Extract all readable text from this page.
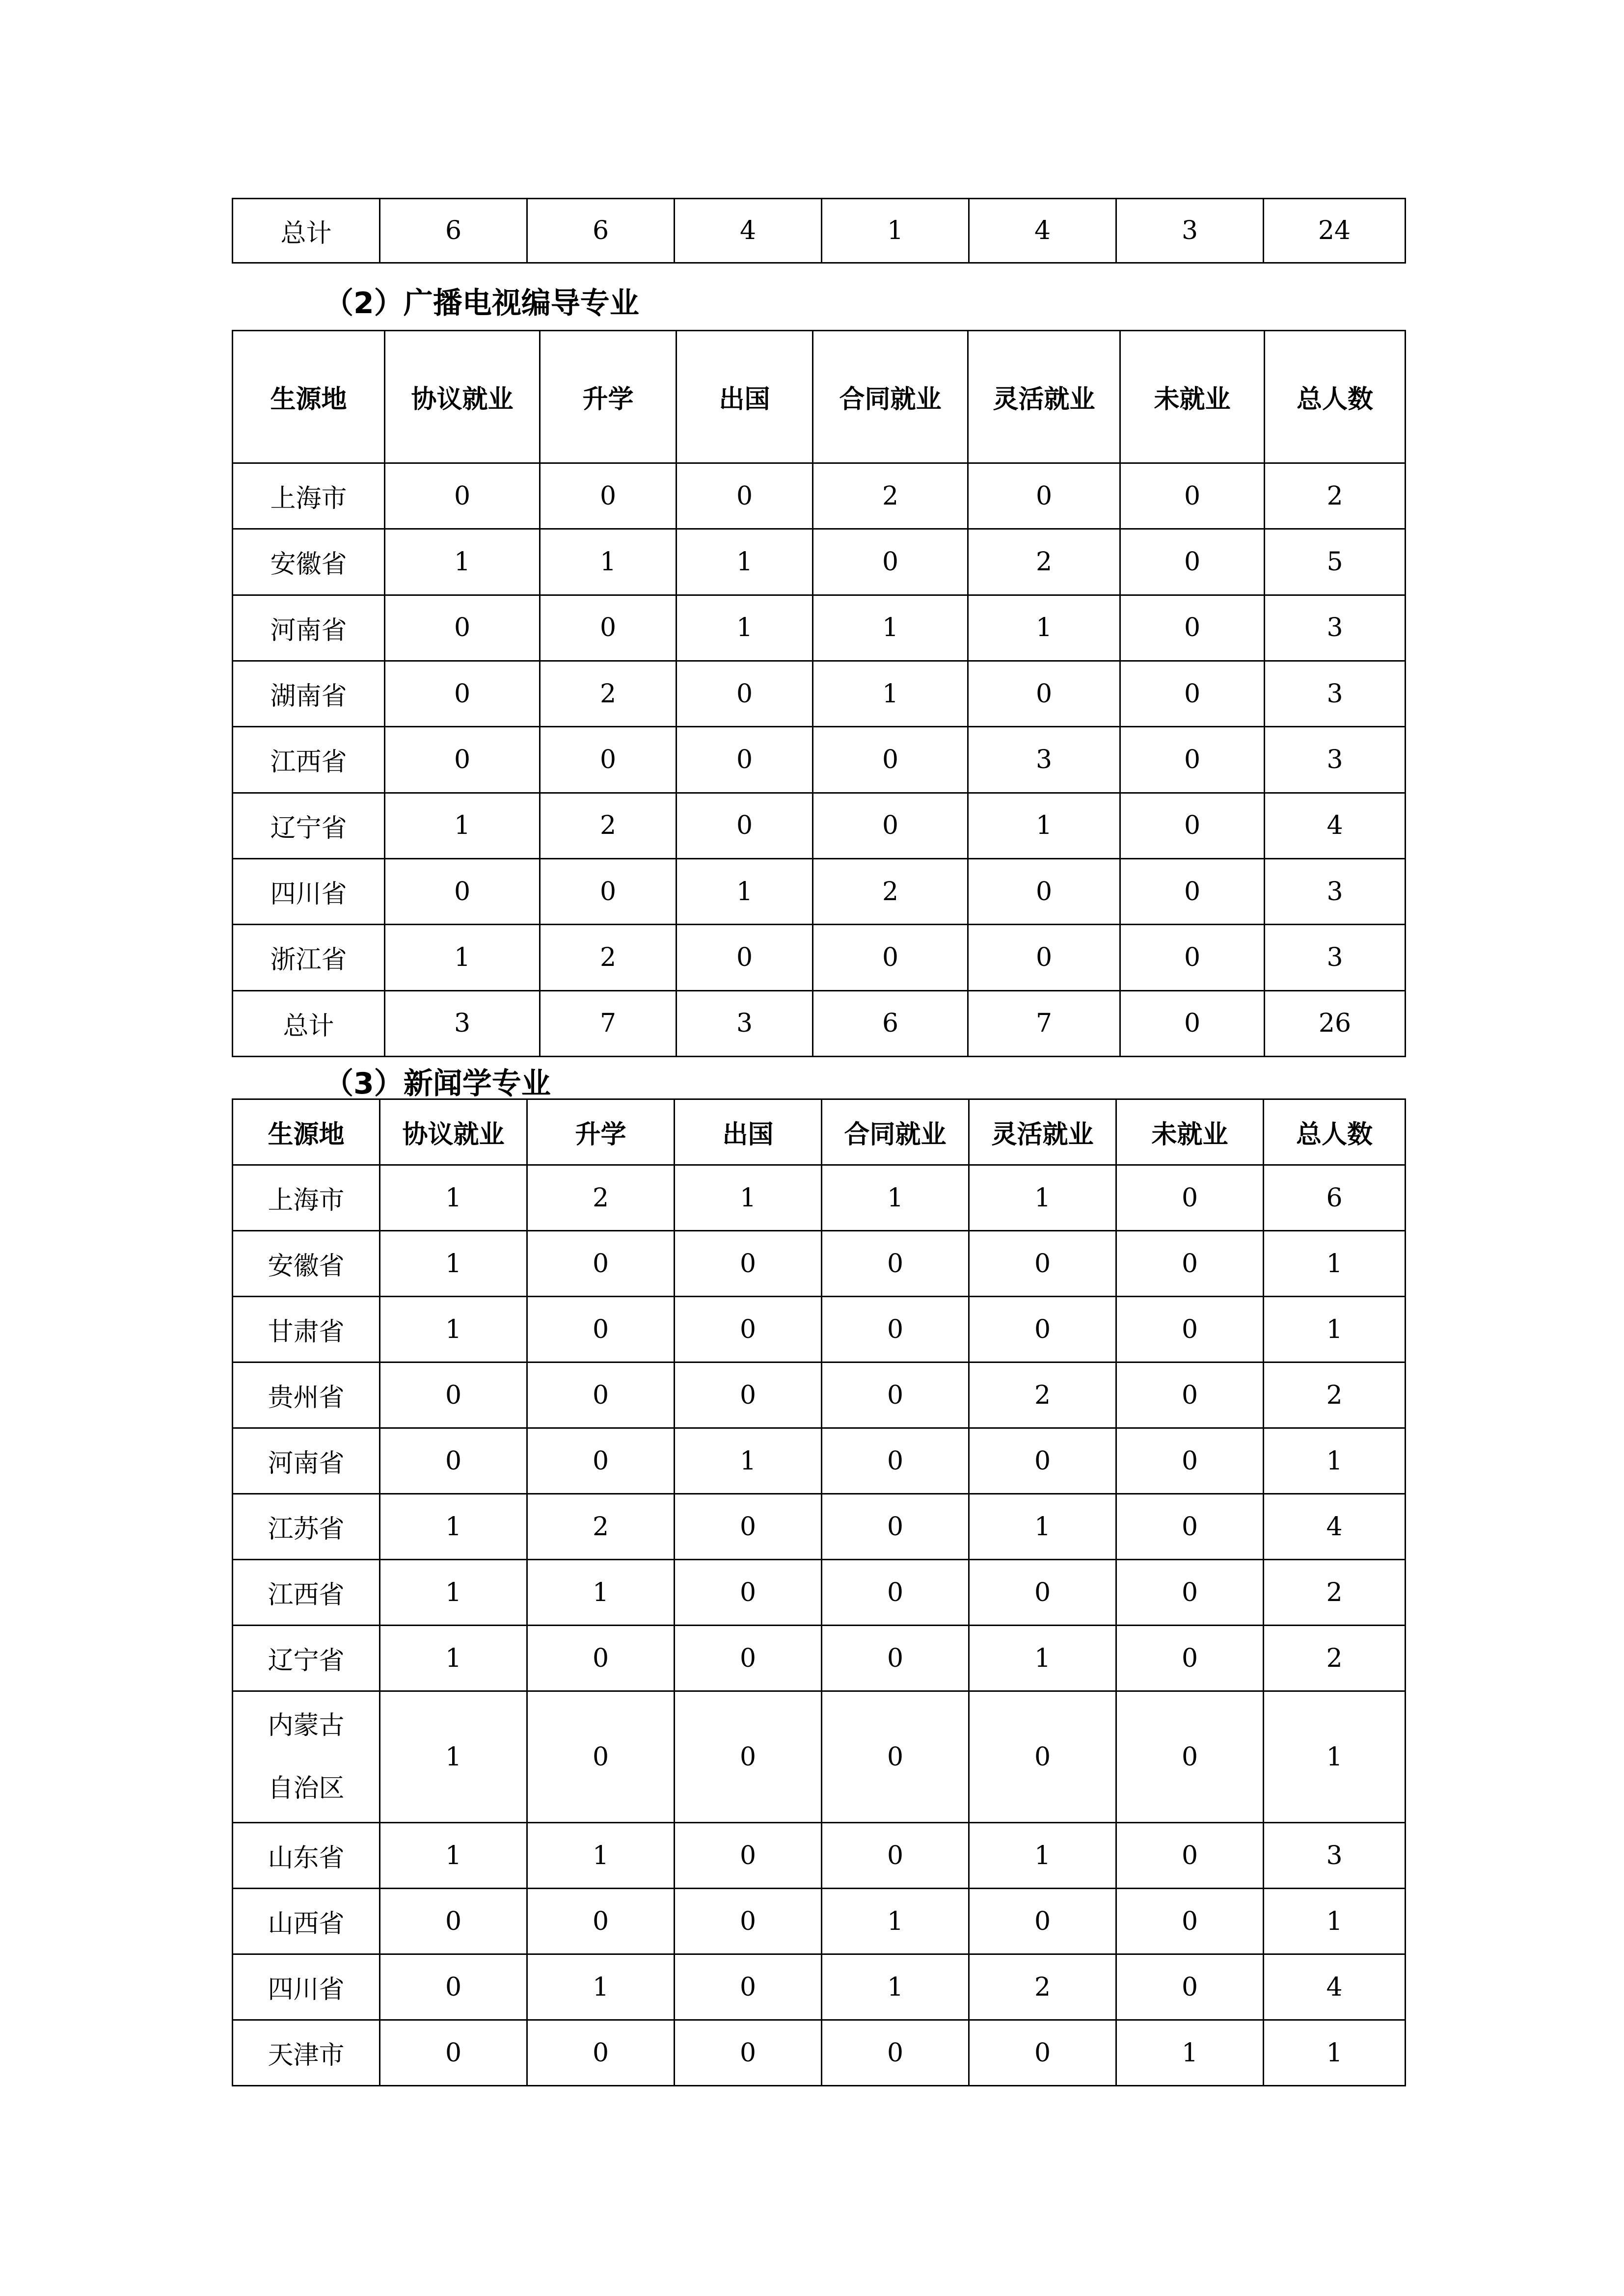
总计	6	6	4	1	4	3	24
（2）广播电视编导专业
生源地	协议就业	升学	出国	合同就业	灵活就业	未就业	总人数
上海市	0	0	0	2	0	0	2
安徽省	1	1	1	0	2	0	5
河南省	0	0	1	1	1	0	3
湖南省	0	2	0	1	0	0	3
江西省	0	0	0	0	3	0	3
辽宁省	1	2	0	0	1	0	4
四川省	0	0	1	2	0	0	3
浙江省	1	2	0	0	0	0	3
总计	3	7	3	6	7	0	26
（3）新闻学专业
生源地	协议就业	升学	出国	合同就业	灵活就业	未就业	总人数
上海市	1	2	1	1	1	0	6
安徽省	1	0	0	0	0	0	1
甘肃省	1	0	0	0	0	0	1
贵州省	0	0	0	0	2	0	2
河南省	0	0	1	0	0	0	1
江苏省	1	2	0	0	1	0	4
江西省	1	1	0	0	0	0	2
辽宁省	1	0	0	0	1	0	2

内蒙古自治区	1	0	0	0	0	0	1
山东省	1	1	0	0	1	0	3
山西省	0	0	0	1	0	0	1
四川省	0	1	0	1	2	0	4
天津市	0	0	0	0	0	1	1
